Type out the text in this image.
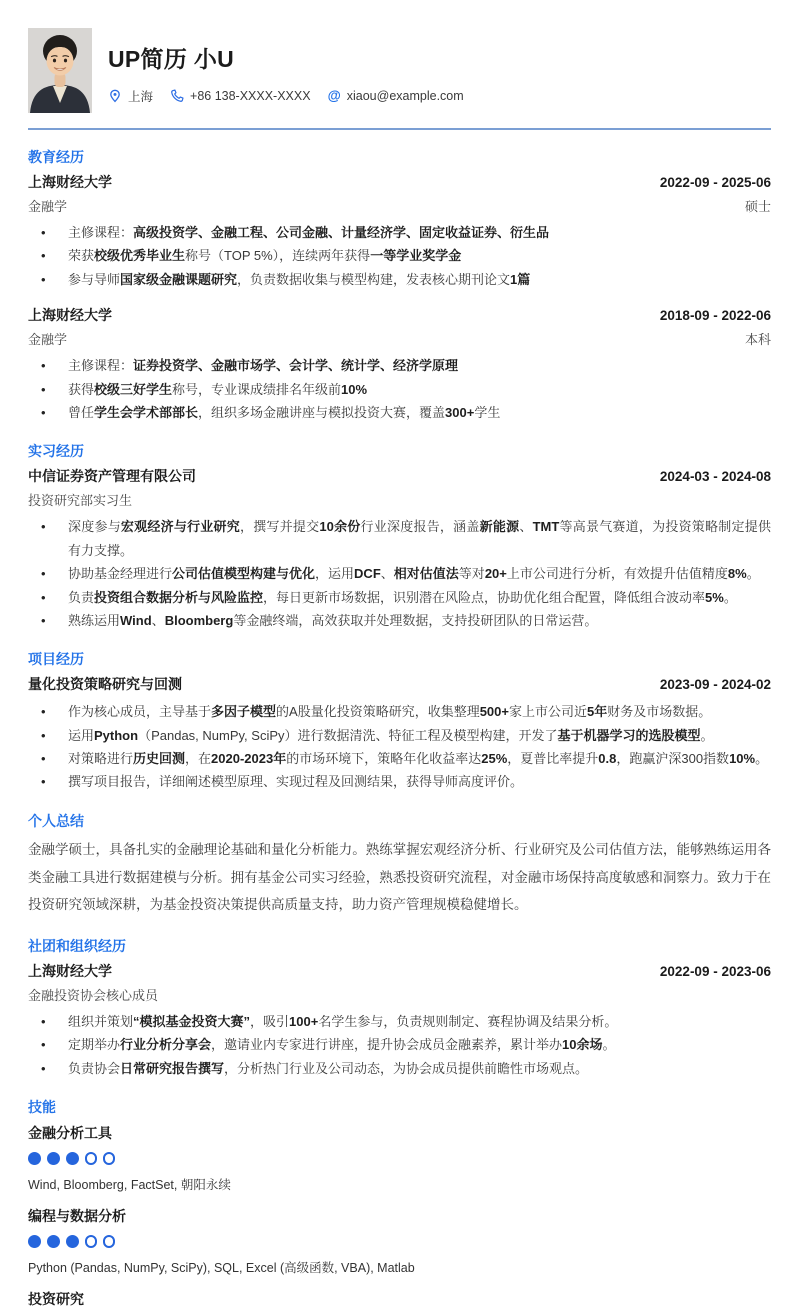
UP简历 小U
上海	+86 138-XXXX-XXXX @ xiaou@example.com
教育经历
上海财经大学	2022-09 - 2025-06
金融学	硕士
•	主修课程：高级投资学、金融工程、公司金融、计量经济学、固定收益证券、衍生品
•	荣获校级优秀毕业生称号（TOP 5%），连续两年获得一等学业奖学金
•	参与导师国家级金融课题研究，负责数据收集与模型构建，发表核心期刊论文1篇
上海财经大学	2018-09 - 2022-06
金融学	本科
•	主修课程：证券投资学、金融市场学、会计学、统计学、经济学原理
•	获得校级三好学生称号，专业课成绩排名年级前10%
•	曾任学生会学术部部长，组织多场金融讲座与模拟投资大赛，覆盖300+学生
实习经历
中信证券资产管理有限公司	2024-03 - 2024-08
投资研究部实习生
•	深度参与宏观经济与行业研究，撰写并提交10余份行业深度报告，涵盖新能源、TMT等高景气赛道，为投资策略制定提供有力支撑。
•	协助基金经理进行公司估值模型构建与优化，运用DCF、相对估值法等对20+上市公司进行分析，有效提升估值精度8%。
•	负责投资组合数据分析与风险监控，每日更新市场数据，识别潜在风险点，协助优化组合配置，降低组合波动率5%。
•	熟练运用Wind、Bloomberg等金融终端，高效获取并处理数据，支持投研团队的日常运营。
项目经历
量化投资策略研究与回测	2023-09 - 2024-02
•	作为核心成员，主导基于多因子模型的A股量化投资策略研究，收集整理500+家上市公司近5年财务及市场数据。
•	运用Python（Pandas, NumPy, SciPy）进行数据清洗、特征工程及模型构建，开发了基于机器学习的选股模型。
•	对策略进行历史回测，在2020-2023年的市场环境下，策略年化收益率达25%，夏普比率提升0.8，跑赢沪深300指数10%。
•	撰写项目报告，详细阐述模型原理、实现过程及回测结果，获得导师高度评价。
个人总结

金融学硕士，具备扎实的金融理论基础和量化分析能力。熟练掌握宏观经济分析、行业研究及公司估值方法，能够熟练运用各类金融工具进行数据建模与分析。拥有基金公司实习经验，熟悉投资研究流程，对金融市场保持高度敏感和洞察力。致力于在投资研究领域深耕，为基金投资决策提供高质量支持，助力资产管理规模稳健增长。

社团和组织经历
上海财经大学	2022-09 - 2023-06
金融投资协会核心成员
•	组织并策划“模拟基金投资大赛”，吸引100+名学生参与，负责规则制定、赛程协调及结果分析。
•	定期举办行业分析分享会，邀请业内专家进行讲座，提升协会成员金融素养，累计举办10余场。
•	负责协会日常研究报告撰写，分析热门行业及公司动态，为协会成员提供前瞻性市场观点。
技能
金融分析工具
Wind, Bloomberg, FactSet, 朝阳永续
编程与数据分析
Python (Pandas, NumPy, SciPy), SQL, Excel (高级函数, VBA), Matlab
投资研究
